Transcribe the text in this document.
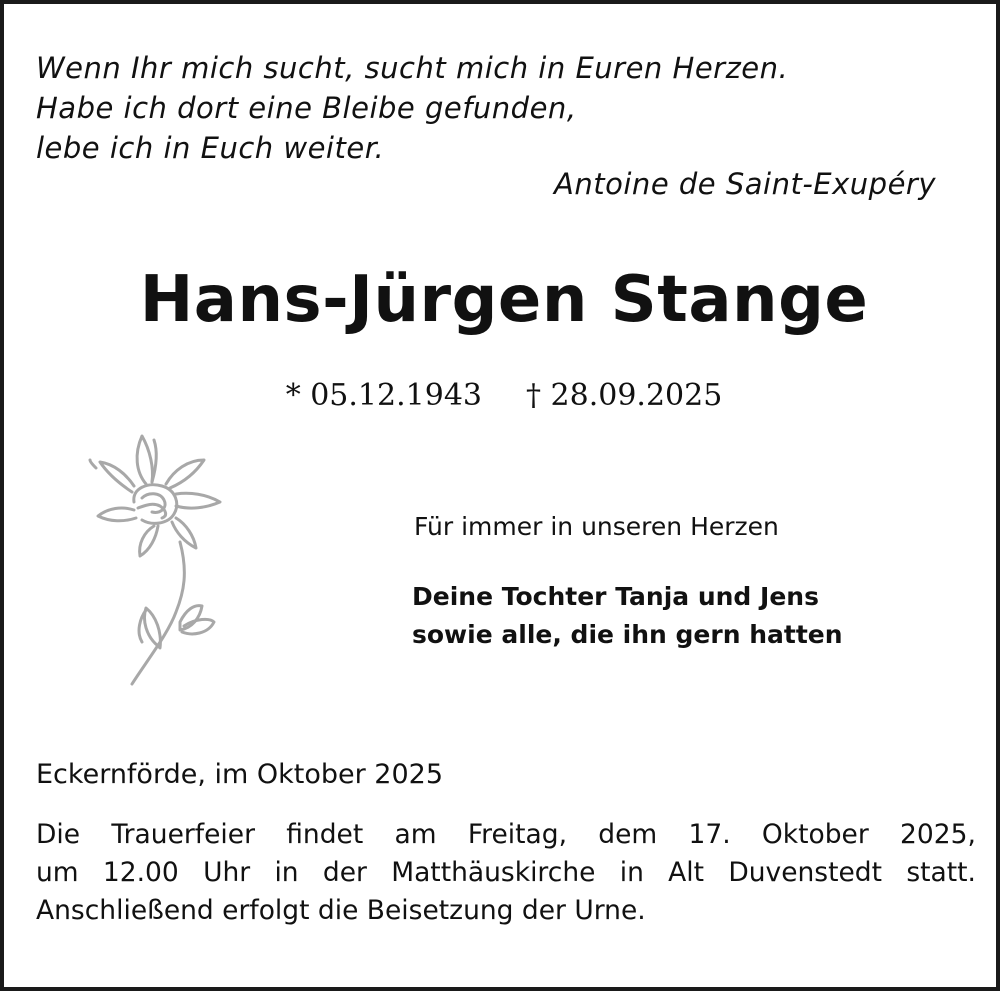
Wenn Ihr mich sucht, sucht mich in Euren Herzen.
Habe ich dort eine Bleibe gefunden,
lebe ich in Euch weiter.
Antoine de Saint-Exupéry
Hans-Jürgen Stange
* 05.12.1943 † 28.09.2025
Für immer in unseren Herzen
Deine Tochter Tanja und Jens
sowie alle, die ihn gern hatten
Eckernförde, im Oktober 2025
Die Trauerfeier findet am Freitag, dem 17. Oktober 2025,
um 12.00 Uhr in der Matthäuskirche in Alt Duvenstedt statt.
Anschließend erfolgt die Beisetzung der Urne.
